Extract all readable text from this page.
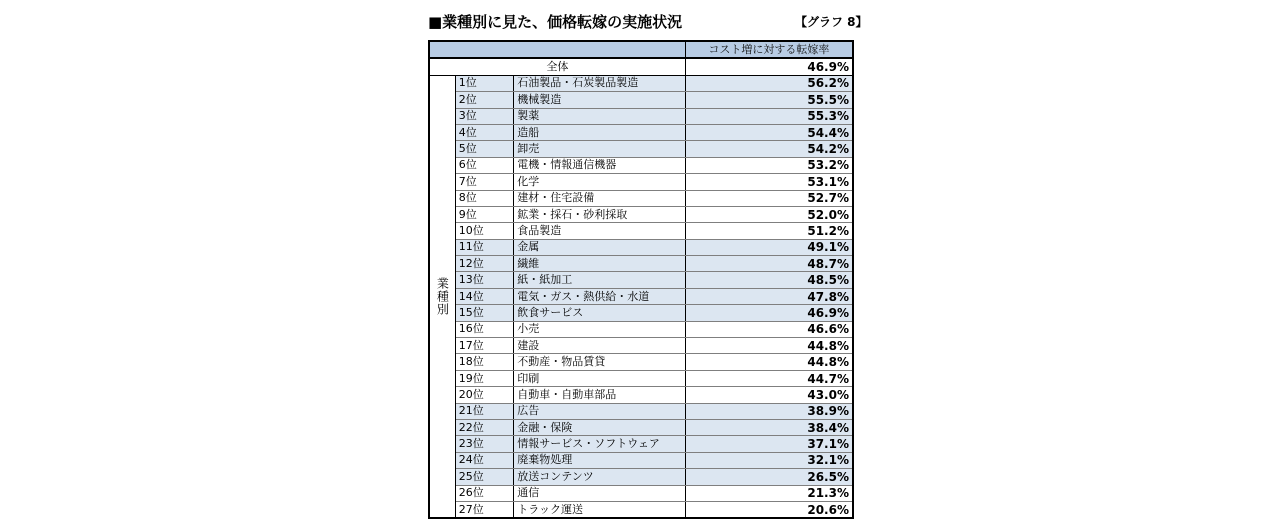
■業種別に見た、価格転嫁の実施状況	【グラフ 8】
			コスト増に対する転嫁率
全体			46.9%
業種別	1位	石油製品・石炭製品製造	56.2%
	2位	機械製造	55.5%
	3位	製薬	55.3%
	4位	造船	54.4%
	5位	卸売	54.2%
	6位	電機・情報通信機器	53.2%
	7位	化学	53.1%
	8位	建材・住宅設備	52.7%
	9位	鉱業・採石・砂利採取	52.0%
	10位	食品製造	51.2%
	11位	金属	49.1%
	12位	繊維	48.7%
	13位	紙・紙加工	48.5%
	14位	電気・ガス・熱供給・水道	47.8%
	15位	飲食サービス	46.9%
	16位	小売	46.6%
	17位	建設	44.8%
	18位	不動産・物品賃貸	44.8%
	19位	印刷	44.7%
	20位	自動車・自動車部品	43.0%
	21位	広告	38.9%
	22位	金融・保険	38.4%
	23位	情報サービス・ソフトウェア	37.1%
	24位	廃棄物処理	32.1%
	25位	放送コンテンツ	26.5%
	26位	通信	21.3%
	27位	トラック運送	20.6%
